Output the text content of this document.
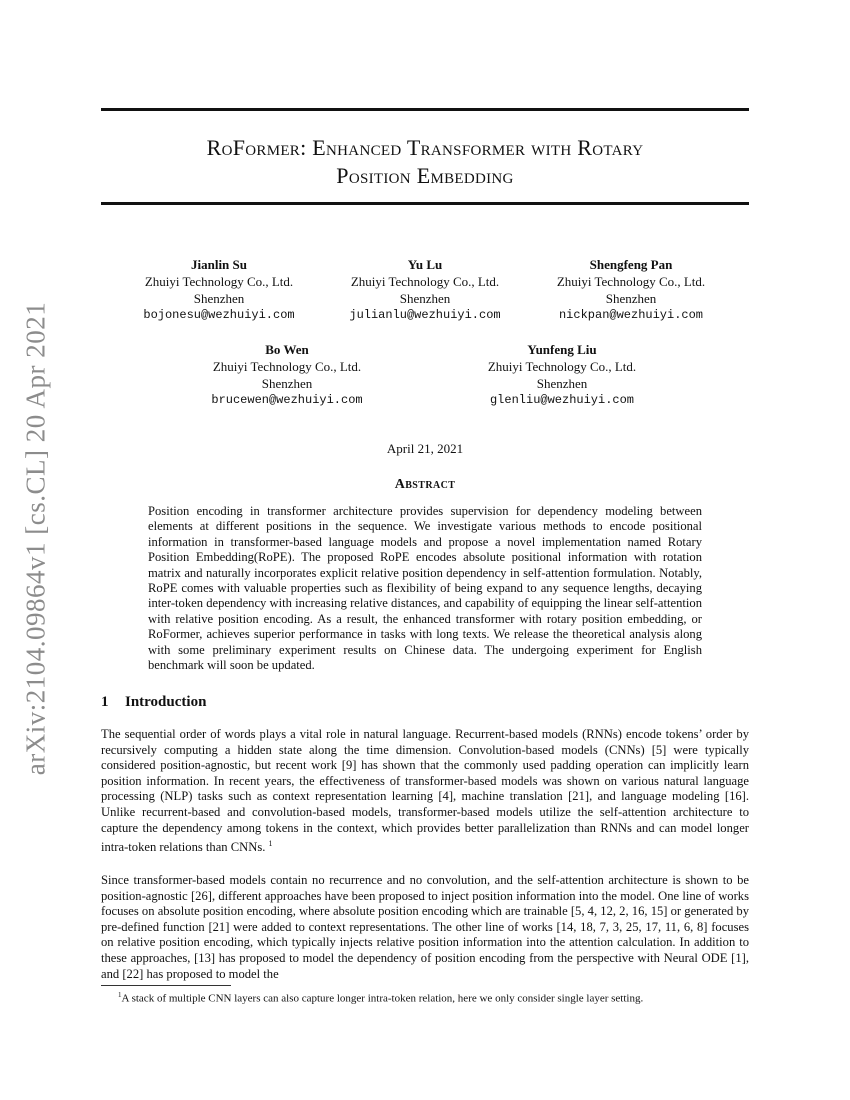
arXiv:2104.09864v1 [cs.CL] 20 Apr 2021
RoFormer: Enhanced Transformer with Rotary
Position Embedding
Jianlin Su
Zhuiyi Technology Co., Ltd.
Shenzhen
bojonesu@wezhuiyi.com
Yu Lu
Zhuiyi Technology Co., Ltd.
Shenzhen
julianlu@wezhuiyi.com
Shengfeng Pan
Zhuiyi Technology Co., Ltd.
Shenzhen
nickpan@wezhuiyi.com
Bo Wen
Zhuiyi Technology Co., Ltd.
Shenzhen
brucewen@wezhuiyi.com
Yunfeng Liu
Zhuiyi Technology Co., Ltd.
Shenzhen
glenliu@wezhuiyi.com
April 21, 2021
Abstract
Position encoding in transformer architecture provides supervision for dependency modeling between elements at different positions in the sequence. We investigate various methods to encode positional information in transformer-based language models and propose a novel implementation named Rotary Position Embedding(RoPE). The proposed RoPE encodes absolute positional information with rotation matrix and naturally incorporates explicit relative position dependency in self-attention formulation. Notably, RoPE comes with valuable properties such as flexibility of being expand to any sequence lengths, decaying inter-token dependency with increasing relative distances, and capability of equipping the linear self-attention with relative position encoding. As a result, the enhanced transformer with rotary position embedding, or RoFormer, achieves superior performance in tasks with long texts. We release the theoretical analysis along with some preliminary experiment results on Chinese data. The undergoing experiment for English benchmark will soon be updated.
1 Introduction
The sequential order of words plays a vital role in natural language. Recurrent-based models (RNNs) encode tokens’ order by recursively computing a hidden state along the time dimension. Convolution-based models (CNNs) [5] were typically considered position-agnostic, but recent work [9] has shown that the commonly used padding operation can implicitly learn position information. In recent years, the effectiveness of transformer-based models was shown on various natural language processing (NLP) tasks such as context representation learning [4], machine translation [21], and language modeling [16]. Unlike recurrent-based and convolution-based models, transformer-based models utilize the self-attention architecture to capture the dependency among tokens in the context, which provides better parallelization than RNNs and can model longer intra-token relations than CNNs. $^1$
Since transformer-based models contain no recurrence and no convolution, and the self-attention architecture is shown to be position-agnostic [26], different approaches have been proposed to inject position information into the model. One line of works focuses on absolute position encoding, where absolute position encoding which are trainable [5, 4, 12, 2, 16, 15] or generated by pre-defined function [21] were added to context representations. The other line of works [14, 18, 7, 3, 25, 17, 11, 6, 8] focuses on relative position encoding, which typically injects relative position information into the attention calculation. In addition to these approaches, [13] has proposed to model the dependency of position encoding from the perspective with Neural ODE [1], and [22] has proposed to model the
$^1$A stack of multiple CNN layers can also capture longer intra-token relation, here we only consider single layer setting.
